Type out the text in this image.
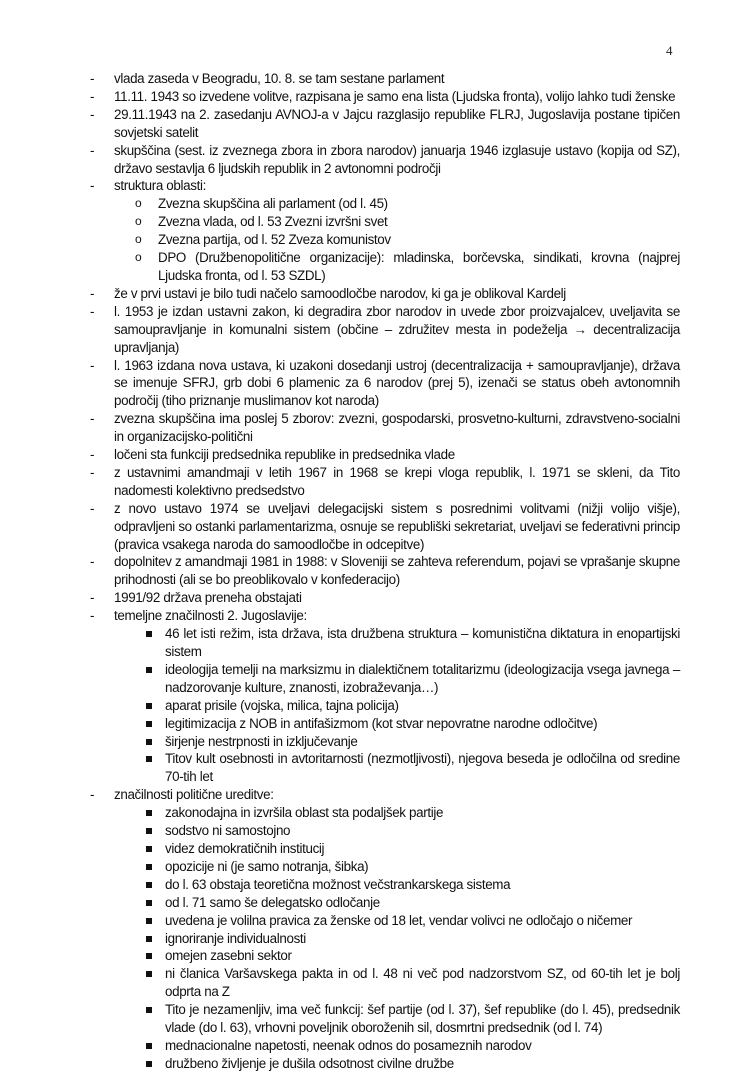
4
- vlada zaseda v Beogradu, 10. 8. se tam sestane parlament
- 11.11. 1943 so izvedene volitve, razpisana je samo ena lista (Ljudska fronta), volijo lahko tudi ženske
- 29.11.1943 na 2. zasedanju AVNOJ-a v Jajcu razglasijo republike FLRJ, Jugoslavija postane tipičen sovjetski satelit
- skupščina (sest. iz zveznega zbora in zbora narodov) januarja 1946 izglasuje ustavo (kopija od SZ), državo sestavlja 6 ljudskih republik in 2 avtonomni področji
- struktura oblasti:
o Zvezna skupščina ali parlament (od l. 45)
o Zvezna vlada, od l. 53 Zvezni izvršni svet
o Zvezna partija, od l. 52 Zveza komunistov
o DPO (Družbenopolitične organizacije): mladinska, borčevska, sindikati, krovna (najprej Ljudska fronta, od l. 53 SZDL)
- že v prvi ustavi je bilo tudi načelo samoodločbe narodov, ki ga je oblikoval Kardelj
- l. 1953 je izdan ustavni zakon, ki degradira zbor narodov in uvede zbor proizvajalcev, uveljavita se samoupravljanje in komunalni sistem (občine – združitev mesta in podeželja → decentralizacija upravljanja)
- l. 1963 izdana nova ustava, ki uzakoni dosedanji ustroj (decentralizacija + samoupravljanje), država se imenuje SFRJ, grb dobi 6 plamenic za 6 narodov (prej 5), izenači se status obeh avtonomnih področij (tiho priznanje muslimanov kot naroda)
- zvezna skupščina ima poslej 5 zborov: zvezni, gospodarski, prosvetno-kulturni, zdravstveno-socialni in organizacijsko-politični
- ločeni sta funkciji predsednika republike in predsednika vlade
- z ustavnimi amandmaji v letih 1967 in 1968 se krepi vloga republik, l. 1971 se skleni, da Tito nadomesti kolektivno predsedstvo
- z novo ustavo 1974 se uveljavi delegacijski sistem s posrednimi volitvami (nižji volijo višje), odpravljeni so ostanki parlamentarizma, osnuje se republiški sekretariat, uveljavi se federativni princip (pravica vsakega naroda do samoodločbe in odcepitve)
- dopolnitev z amandmaji 1981 in 1988: v Sloveniji se zahteva referendum, pojavi se vprašanje skupne prihodnosti (ali se bo preoblikovalo v konfederacijo)
- 1991/92 država preneha obstajati
- temeljne značilnosti 2. Jugoslavije:
46 let isti režim, ista država, ista družbena struktura – komunistična diktatura in enopartijski sistem
ideologija temelji na marksizmu in dialektičnem totalitarizmu (ideologizacija vsega javnega – nadzorovanje kulture, znanosti, izobraževanja…)
aparat prisile (vojska, milica, tajna policija)
legitimizacija z NOB in antifašizmom (kot stvar nepovratne narodne odločitve)
širjenje nestrpnosti in izključevanje
Titov kult osebnosti in avtoritarnosti (nezmotljivosti), njegova beseda je odločilna od sredine 70-tih let
- značilnosti politične ureditve:
zakonodajna in izvršila oblast sta podaljšek partije
sodstvo ni samostojno
videz demokratičnih institucij
opozicije ni (je samo notranja, šibka)
do l. 63 obstaja teoretična možnost večstrankarskega sistema
od l. 71 samo še delegatsko odločanje
uvedena je volilna pravica za ženske od 18 let, vendar volivci ne odločajo o ničemer
ignoriranje individualnosti
omejen zasebni sektor
ni članica Varšavskega pakta in od l. 48 ni več pod nadzorstvom SZ, od 60-tih let je bolj odprta na Z
Tito je nezamenljiv, ima več funkcij: šef partije (od l. 37), šef republike (do l. 45), predsednik vlade (do l. 63), vrhovni poveljnik oboroženih sil, dosmrtni predsednik (od l. 74)
mednacionalne napetosti, neenak odnos do posameznih narodov
družbeno življenje je dušila odsotnost civilne družbe
